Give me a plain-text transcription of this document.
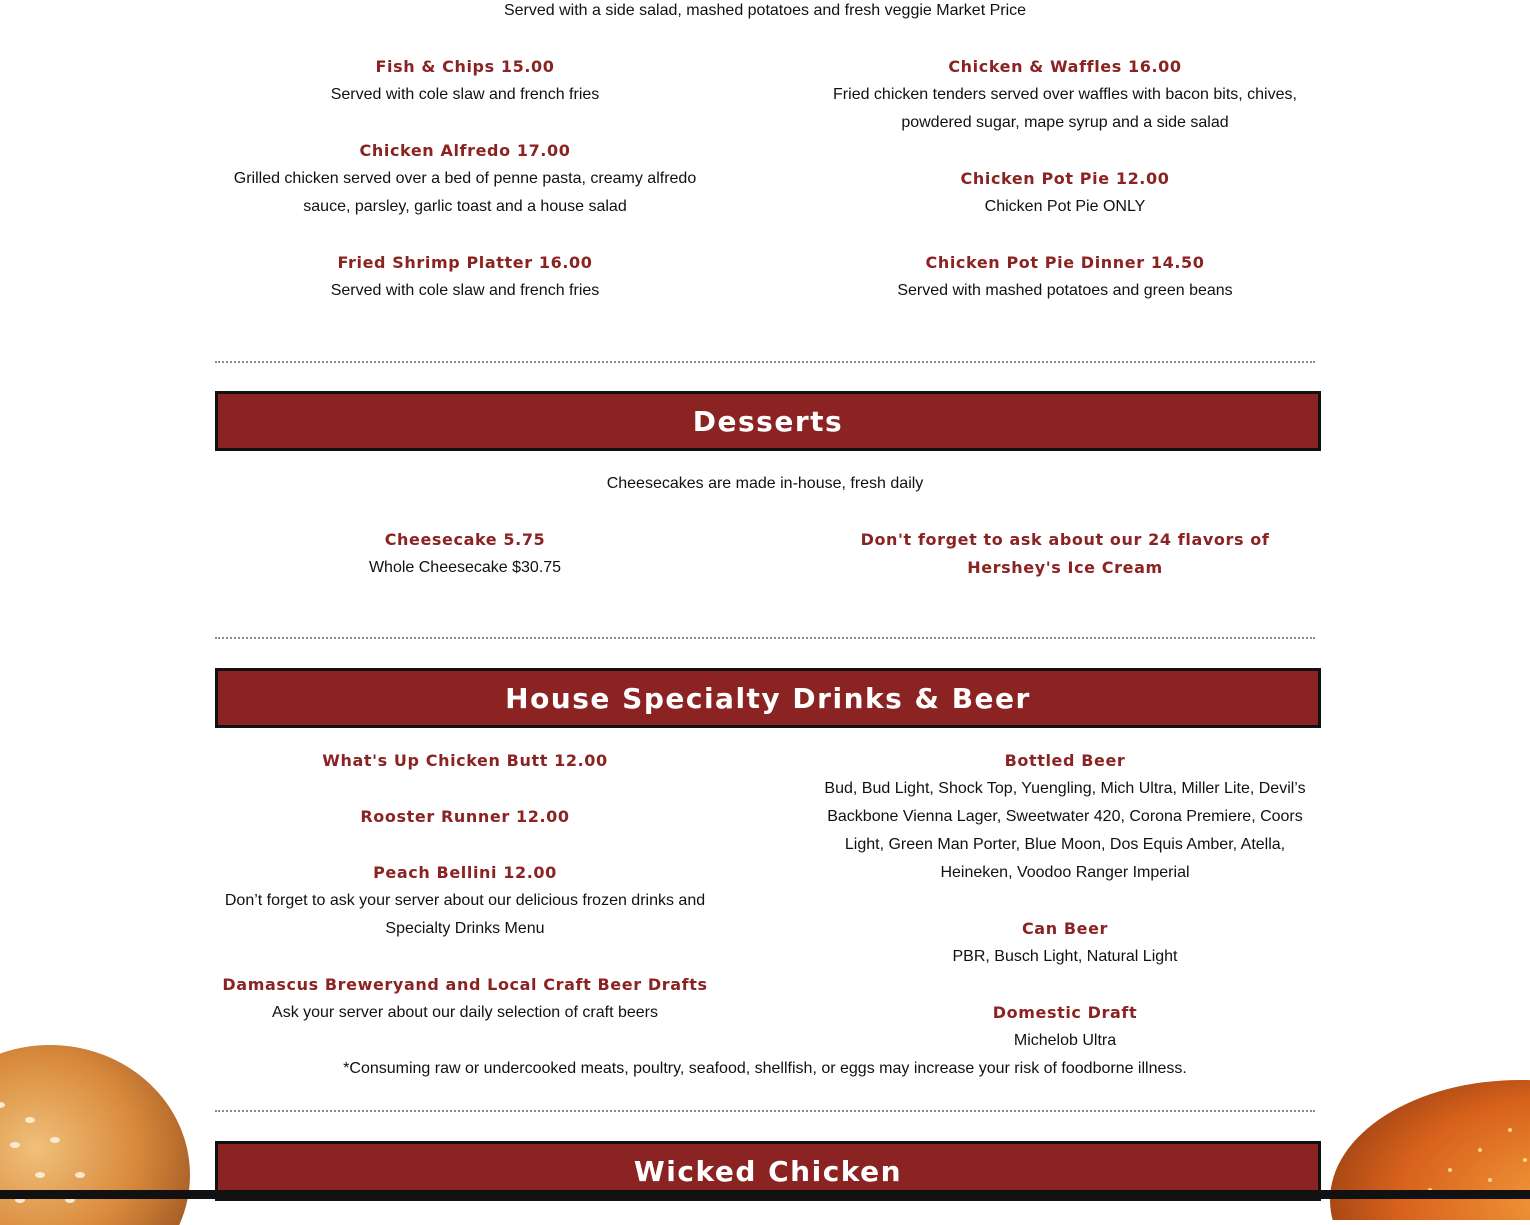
Served with a side salad, mashed potatoes and fresh veggie Market Price

Fish & Chips 15.00

Served with cole slaw and french fries

Chicken Alfredo 17.00

Grilled chicken served over a bed of penne pasta, creamy alfredo sauce, parsley, garlic toast and a house salad

Fried Shrimp Platter 16.00

Served with cole slaw and french fries

Chicken & Waffles 16.00

Fried chicken tenders served over waffles with bacon bits, chives, powdered sugar, mape syrup and a side salad

Chicken Pot Pie 12.00

Chicken Pot Pie ONLY

Chicken Pot Pie Dinner 14.50

Served with mashed potatoes and green beans

Desserts
Cheesecakes are made in-house, fresh daily

Cheesecake 5.75

Whole Cheesecake $30.75

Don't forget to ask about our 24 flavors of Hershey's Ice Cream

House Specialty Drinks & Beer

What's Up Chicken Butt 12.00

Rooster Runner 12.00

Peach Bellini 12.00

Don’t forget to ask your server about our delicious frozen drinks and Specialty Drinks Menu

Damascus Breweryand and Local Craft Beer Drafts

Ask your server about our daily selection of craft beers

Bottled Beer

Bud, Bud Light, Shock Top, Yuengling, Mich Ultra, Miller Lite, Devil’s Backbone Vienna Lager, Sweetwater 420, Corona Premiere, Coors Light, Green Man Porter, Blue Moon, Dos Equis Amber, Atella, Heineken, Voodoo Ranger Imperial

Can Beer

PBR, Busch Light, Natural Light

Domestic Draft

Michelob Ultra

*Consuming raw or undercooked meats, poultry, seafood, shellfish, or eggs may increase your risk of foodborne illness.
Wicked Chicken
